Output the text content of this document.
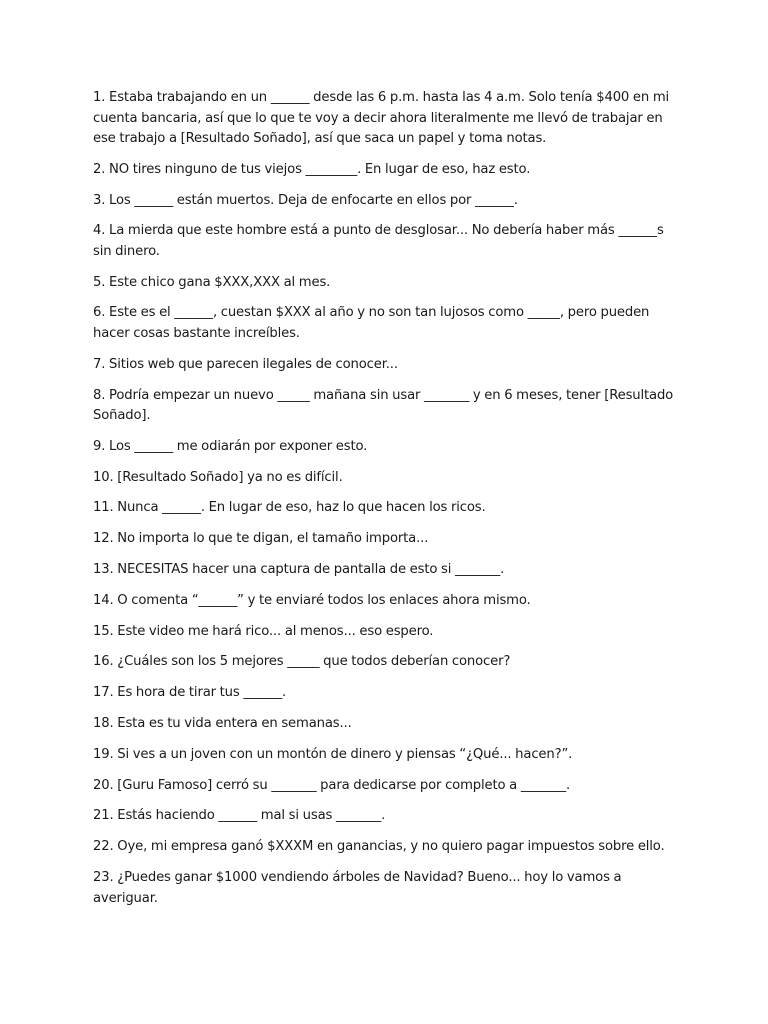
1. Estaba trabajando en un ______ desde las 6 p.m. hasta las 4 a.m. Solo tenía $400 en mi cuenta bancaria, así que lo que te voy a decir ahora literalmente me llevó de trabajar en ese trabajo a [Resultado Soñado], así que saca un papel y toma notas.
2. NO tires ninguno de tus viejos ________. En lugar de eso, haz esto.
3. Los ______ están muertos. Deja de enfocarte en ellos por ______.
4. La mierda que este hombre está a punto de desglosar... No debería haber más ______s sin dinero.
5. Este chico gana $XXX,XXX al mes.
6. Este es el ______, cuestan $XXX al año y no son tan lujosos como _____, pero pueden hacer cosas bastante increíbles.
7. Sitios web que parecen ilegales de conocer...
8. Podría empezar un nuevo _____ mañana sin usar _______ y en 6 meses, tener [Resultado Soñado].
9. Los ______ me odiarán por exponer esto.
10. [Resultado Soñado] ya no es difícil.
11. Nunca ______. En lugar de eso, haz lo que hacen los ricos.
12. No importa lo que te digan, el tamaño importa...
13. NECESITAS hacer una captura de pantalla de esto si _______.
14. O comenta “______” y te enviaré todos los enlaces ahora mismo.
15. Este video me hará rico... al menos... eso espero.
16. ¿Cuáles son los 5 mejores _____ que todos deberían conocer?
17. Es hora de tirar tus ______.
18. Esta es tu vida entera en semanas...
19. Si ves a un joven con un montón de dinero y piensas “¿Qué... hacen?”.
20. [Guru Famoso] cerró su _______ para dedicarse por completo a _______.
21. Estás haciendo ______ mal si usas _______.
22. Oye, mi empresa ganó $XXXM en ganancias, y no quiero pagar impuestos sobre ello.
23. ¿Puedes ganar $1000 vendiendo árboles de Navidad? Bueno... hoy lo vamos a averiguar.
